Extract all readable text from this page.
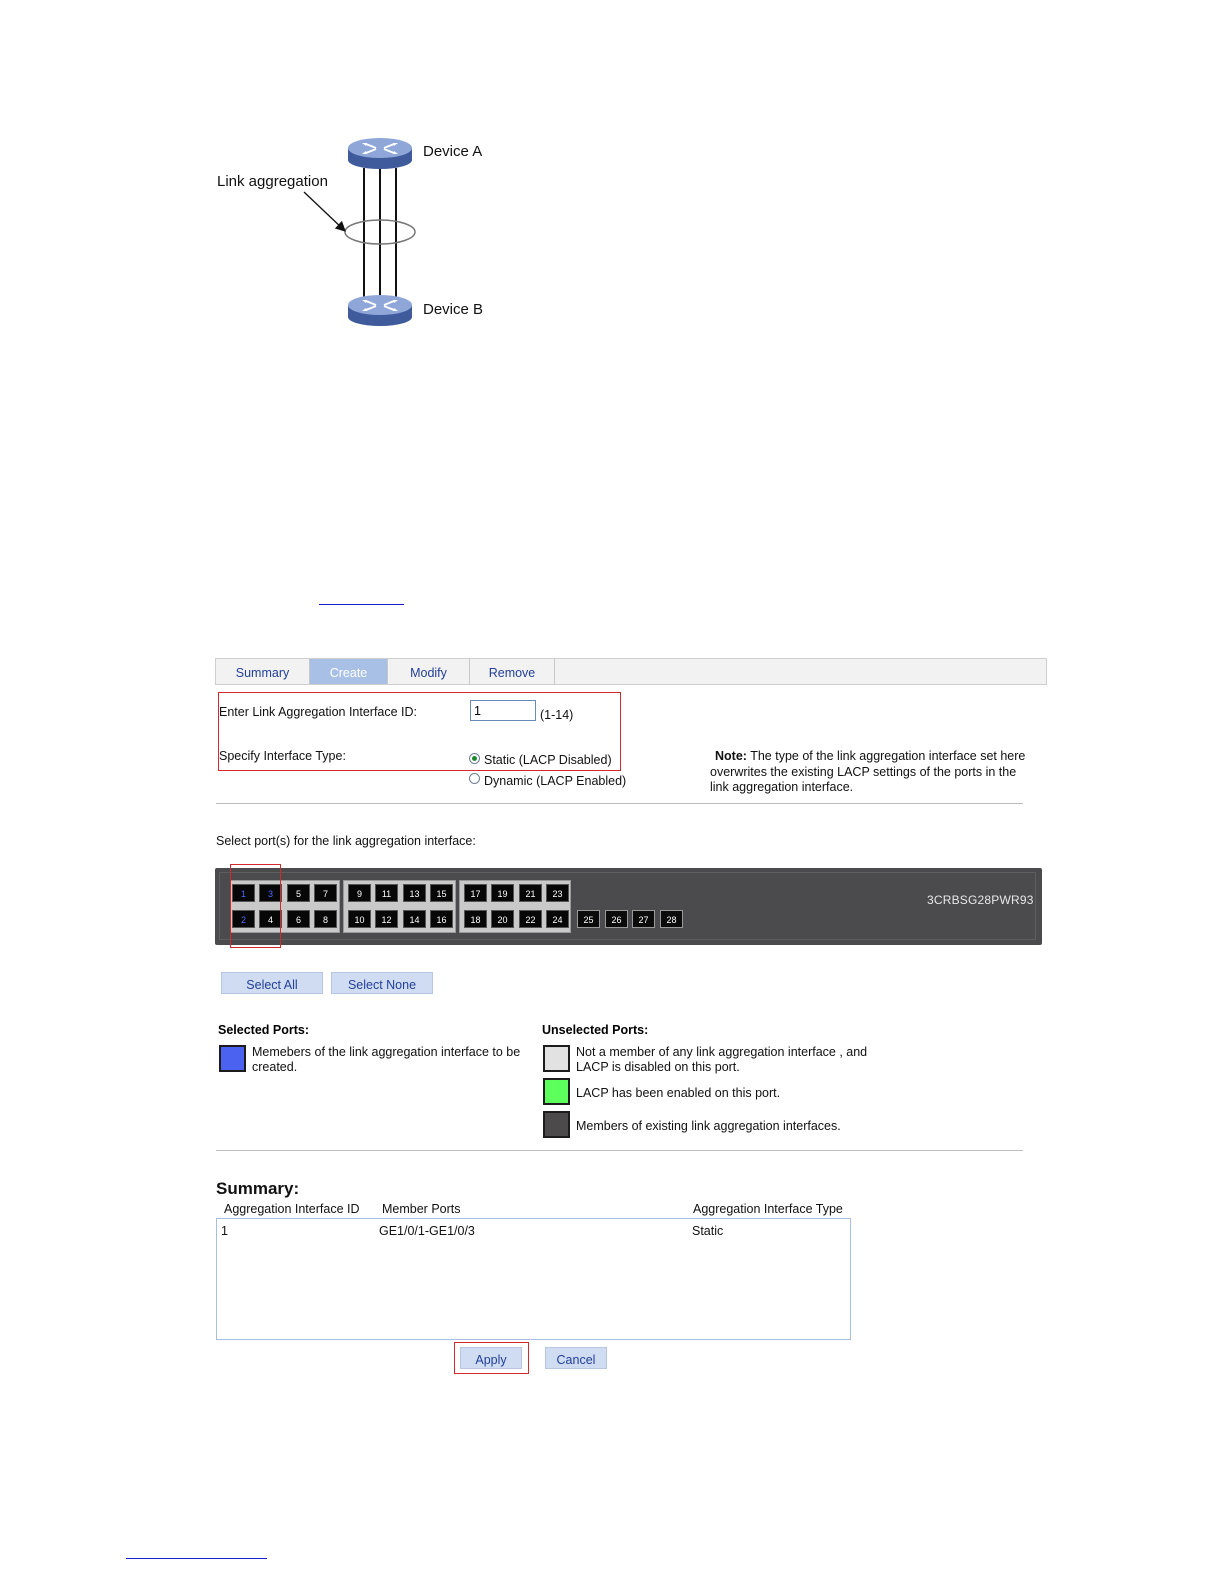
Device A
Device B
Link aggregation
Summary	Create	Modify	Remove
Enter Link Aggregation Interface ID:
1	(1-14)
Specify Interface Type:	Static (LACP Disabled)
Dynamic (LACP Enabled)
Note: The type of the link aggregation interface set here
overwrites the existing LACP settings of the ports in the
link aggregation interface.
Select port(s) for the link aggregation interface:
1	3	5	7	9	11	13	15	17	19	21	23
2	4	6	8	10	12	14	16	18	20	22	24	25	26	27	28
3CRBSG28PWR93
Select All	Select None
Selected Ports:
Memebers of the link aggregation interface to be
created.
Unselected Ports:
Not a member of any link aggregation interface , and
LACP is disabled on this port.
LACP has been enabled on this port.
Members of existing link aggregation interfaces.
Summary:
Aggregation Interface ID Member Ports	Aggregation Interface Type
1	GE1/0/1-GE1/0/3	Static
Apply	Cancel
